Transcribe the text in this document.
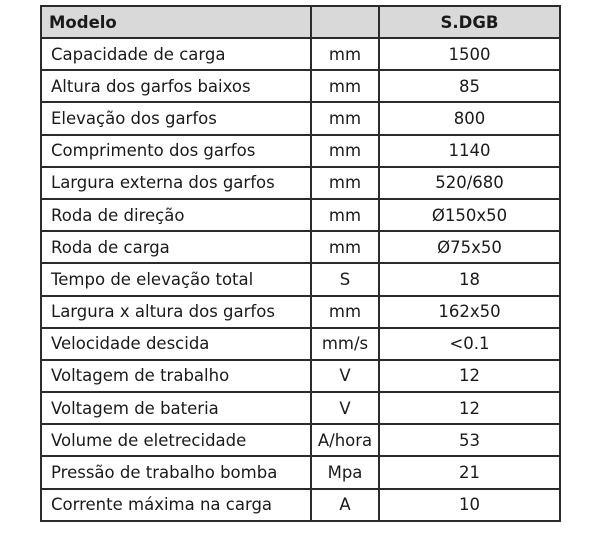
Modelo		S.DGB
Capacidade de carga	mm	1500
Altura dos garfos baixos	mm	85
Elevação dos garfos	mm	800
Comprimento dos garfos	mm	1140
Largura externa dos garfos	mm	520/680
Roda de direção	mm	Ø150x50
Roda de carga	mm	Ø75x50
Tempo de elevação total	S	18
Largura x altura dos garfos	mm	162x50
Velocidade descida	mm/s	<0.1
Voltagem de trabalho	V	12
Voltagem de bateria	V	12
Volume de eletrecidade	A/hora	53
Pressão de trabalho bomba	Mpa	21
Corrente máxima na carga	A	10
